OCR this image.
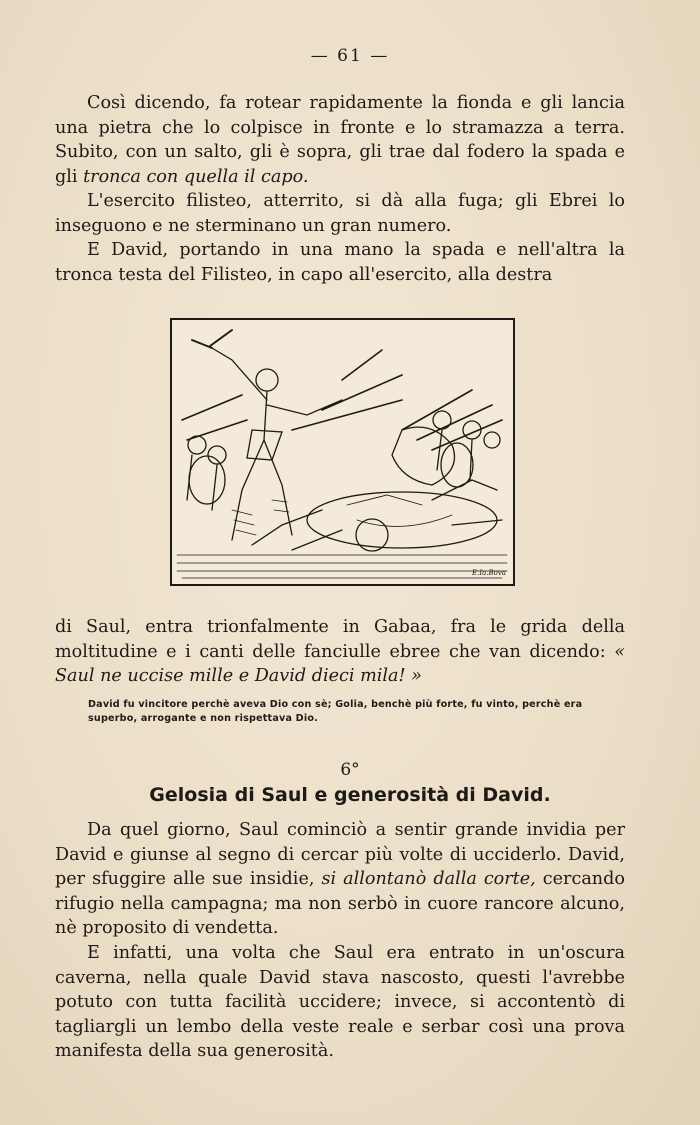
— 61 —

Così dicendo, fa rotear rapidamente la fionda e gli lancia una pietra che lo colpisce in fronte e lo stramazza a terra. Subito, con un salto, gli è sopra, gli trae dal fodero la spada e gli tronca con quella il capo.

L'esercito filisteo, atterrito, si dà alla fuga; gli Ebrei lo inseguono e ne sterminano un gran numero.

E David, portando in una mano la spada e nell'altra la tronca testa del Filisteo, in capo all'esercito, alla destra

E.Ia.Bova

di Saul, entra trionfalmente in Gabaa, fra le grida della moltitudine e i canti delle fanciulle ebree che van dicendo: « Saul ne uccise mille e David dieci mila! »

David fu vincitore perchè aveva Dio con sè; Golia, benchè più forte, fu vinto, perchè era superbo, arrogante e non rispettava Dio.

6°
Gelosia di Saul e generosità di David.

Da quel giorno, Saul cominciò a sentir grande invidia per David e giunse al segno di cercar più volte di ucciderlo. David, per sfuggire alle sue insidie, si allontanò dalla corte, cercando rifugio nella campagna; ma non serbò in cuore rancore alcuno, nè proposito di vendetta.

E infatti, una volta che Saul era entrato in un'oscura caverna, nella quale David stava nascosto, questi l'avrebbe potuto con tutta facilità uccidere; invece, si accontentò di tagliargli un lembo della veste reale e serbar così una prova manifesta della sua generosità.
